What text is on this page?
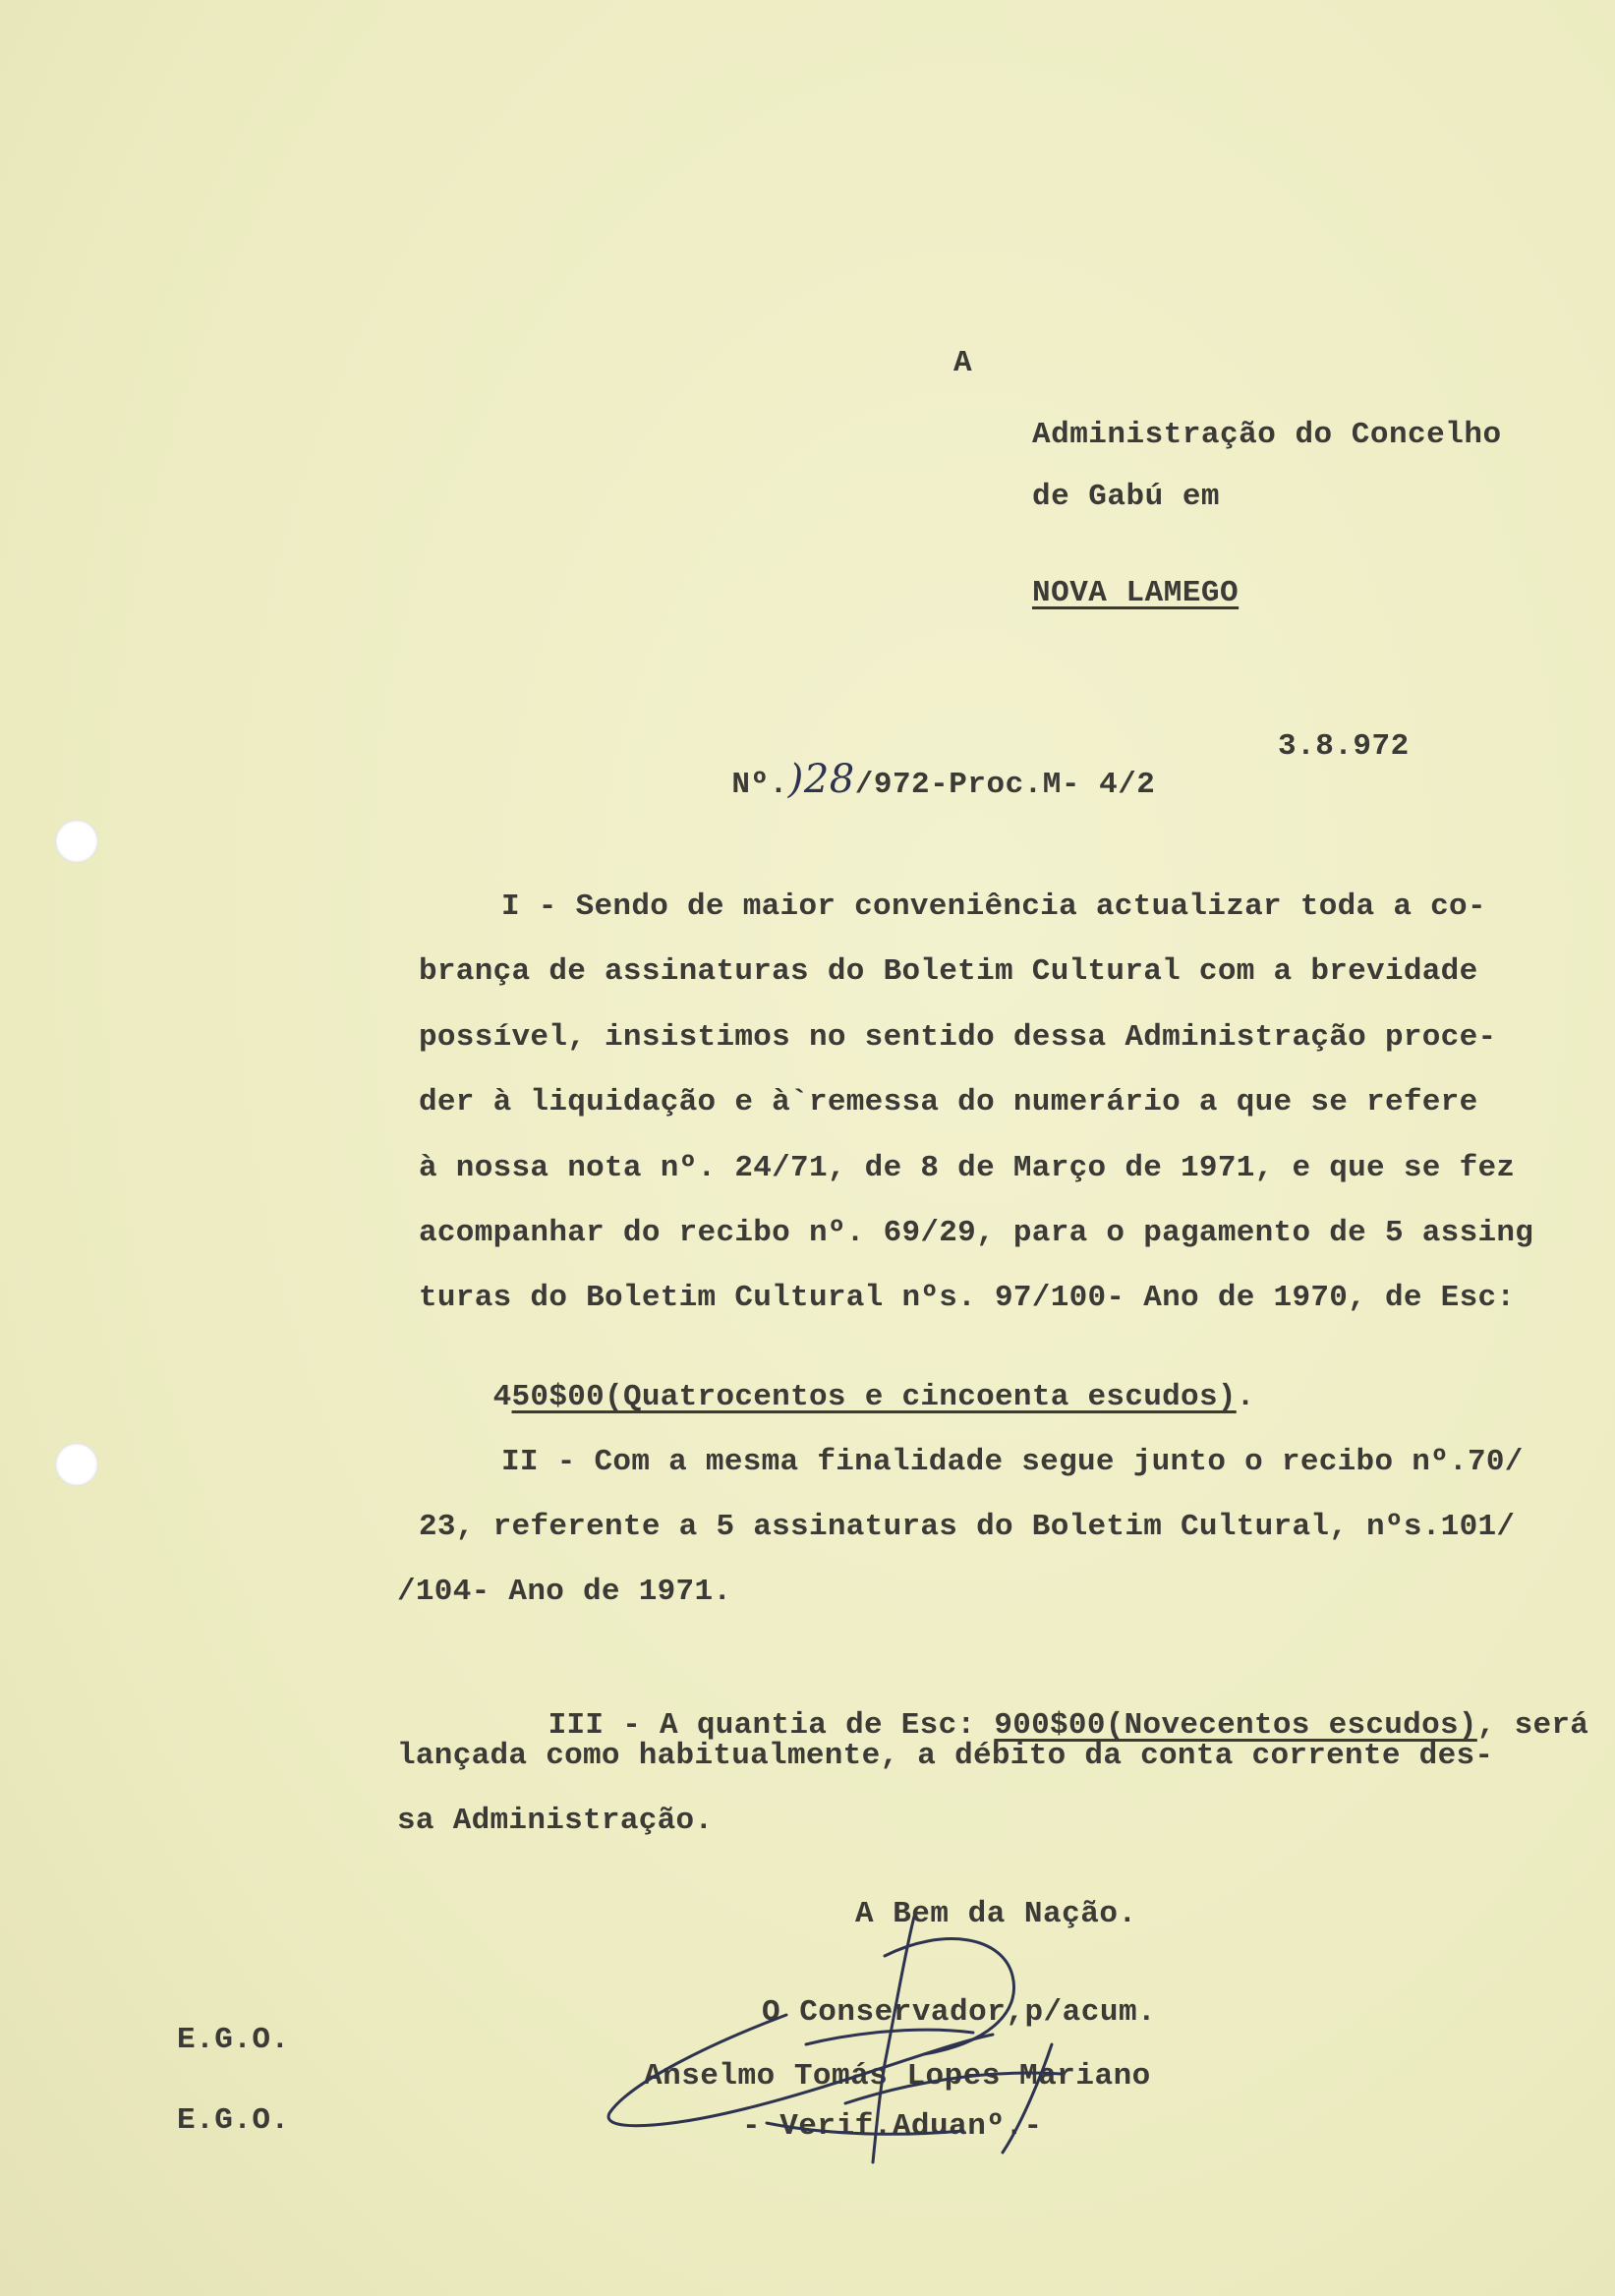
A
Administração do Concelho
de Gabú em
NOVA LAMEGO

Nº.)28/972-Proc.M- 4/2

3.8.972
I - Sendo de maior conveniência actualizar toda a co-
brança de assinaturas do Boletim Cultural com a brevidade
possível, insistimos no sentido dessa Administração proce-
der à liquidação e à`remessa do numerário a que se refere
à nossa nota nº. 24/71, de 8 de Março de 1971, e que se fez
acompanhar do recibo nº. 69/29, para o pagamento de 5 assing
turas do Boletim Cultural nºs. 97/100- Ano de 1970, de Esc:

450$00(Quatrocentos e cincoenta escudos).

II - Com a mesma finalidade segue junto o recibo nº.70/
23, referente a 5 assinaturas do Boletim Cultural, nºs.101/
/104- Ano de 1971.

III - A quantia de Esc: 900$00(Novecentos escudos), será

lançada como habitualmente, a débito da conta corrente des-
sa Administração.
A Bem da Nação.
O Conservador,p/acum.
Anselmo Tomás Lopes Mariano
- Verif.Aduanº.-
E.G.O.
E.G.O.
